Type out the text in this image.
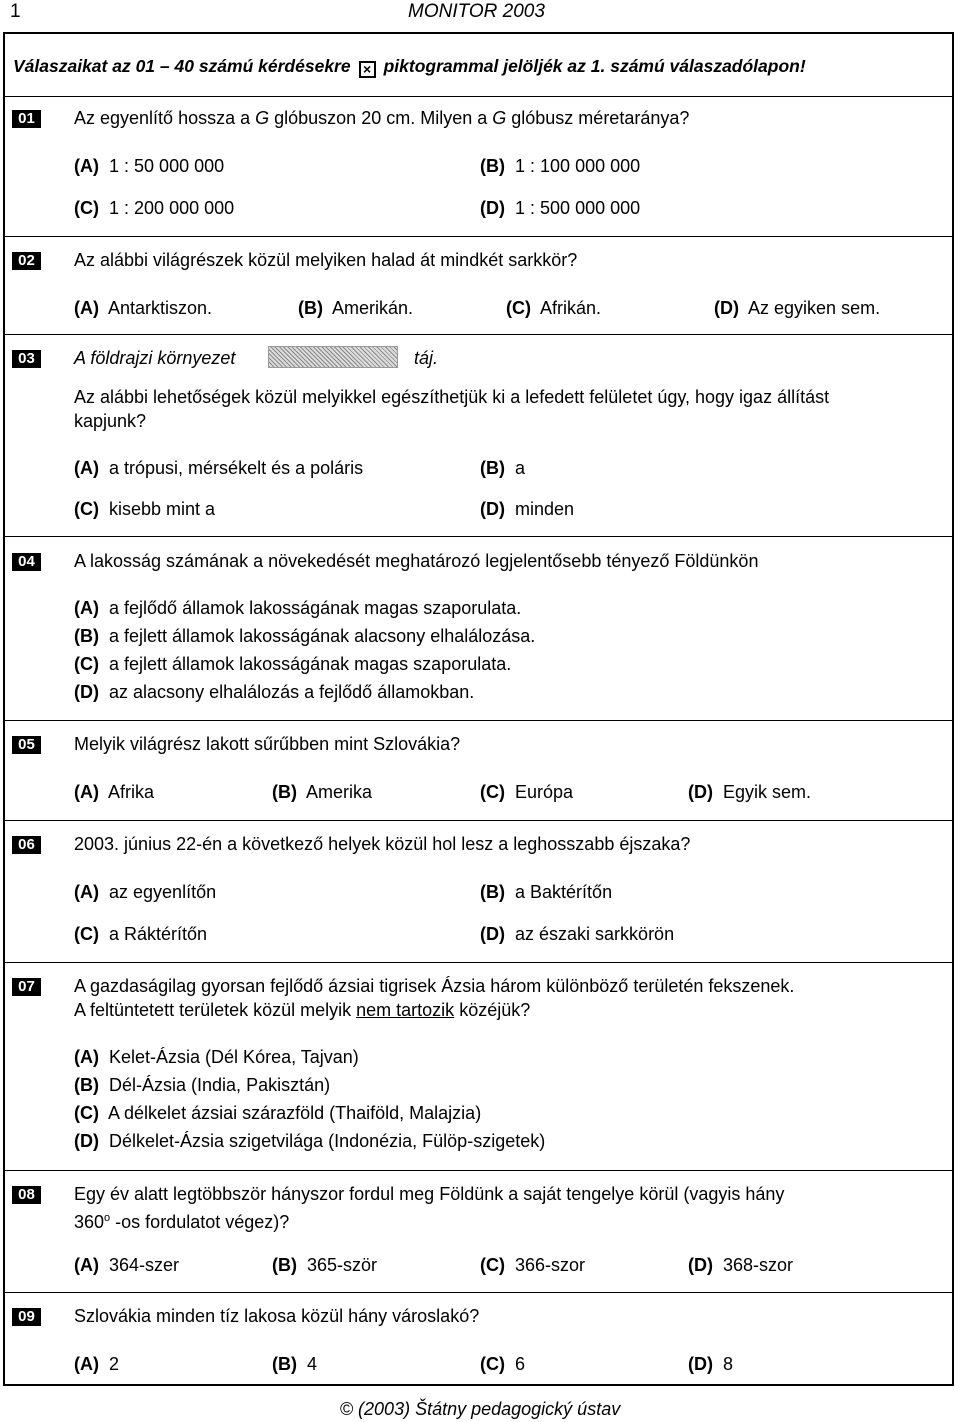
1	MONITOR 2003
Válaszaikat az 01 – 40 számú kérdésekre × piktogrammal jelöljék az 1. számú válaszadólapon!
01	Az egyenlítő hossza a G glóbuszon 20 cm. Milyen a G glóbusz méretaránya?
(A) 1 : 50 000 000	(B) 1 : 100 000 000
(C) 1 : 200 000 000	(D) 1 : 500 000 000
02	Az alábbi világrészek közül melyiken halad át mindkét sarkkör?
(A) Antarktiszon.	(B) Amerikán.	(C) Afrikán.	(D) Az egyiken sem.
03	A földrajzi környezet	táj.
Az alábbi lehetőségek közül melyikkel egészíthetjük ki a lefedett felületet úgy, hogy igaz állítást
kapjunk?
(A) a trópusi, mérsékelt és a poláris	(B) a
(C) kisebb mint a	(D) minden
04	A lakosság számának a növekedését meghatározó legjelentősebb tényező Földünkön
(A) a fejlődő államok lakosságának magas szaporulata.
(B) a fejlett államok lakosságának alacsony elhalálozása.
(C) a fejlett államok lakosságának magas szaporulata.
(D) az alacsony elhalálozás a fejlődő államokban.
05	Melyik világrész lakott sűrűbben mint Szlovákia?
(A) Afrika	(B) Amerika	(C) Európa	(D) Egyik sem.
06	2003. június 22-én a következő helyek közül hol lesz a leghosszabb éjszaka?
(A) az egyenlítőn	(B) a Baktérítőn
(C) a Ráktérítőn	(D) az északi sarkkörön
07	A gazdaságilag gyorsan fejlődő ázsiai tigrisek Ázsia három különböző területén fekszenek.
A feltüntetett területek közül melyik nem tartozik közéjük?
(A) Kelet-Ázsia (Dél Kórea, Tajvan)
(B) Dél-Ázsia (India, Pakisztán)
(C) A délkelet ázsiai szárazföld (Thaiföld, Malajzia)
(D) Délkelet-Ázsia szigetvilága (Indonézia, Fülöp-szigetek)
08	Egy év alatt legtöbbször hányszor fordul meg Földünk a saját tengelye körül (vagyis hány
360$^o$ -os fordulatot végez)?
(A) 364-szer	(B) 365-ször	(C) 366-szor	(D) 368-szor
09	Szlovákia minden tíz lakosa közül hány városlakó?
(A) 2	(B) 4	(C) 6	(D) 8
© (2003) Štátny pedagogický ústav
